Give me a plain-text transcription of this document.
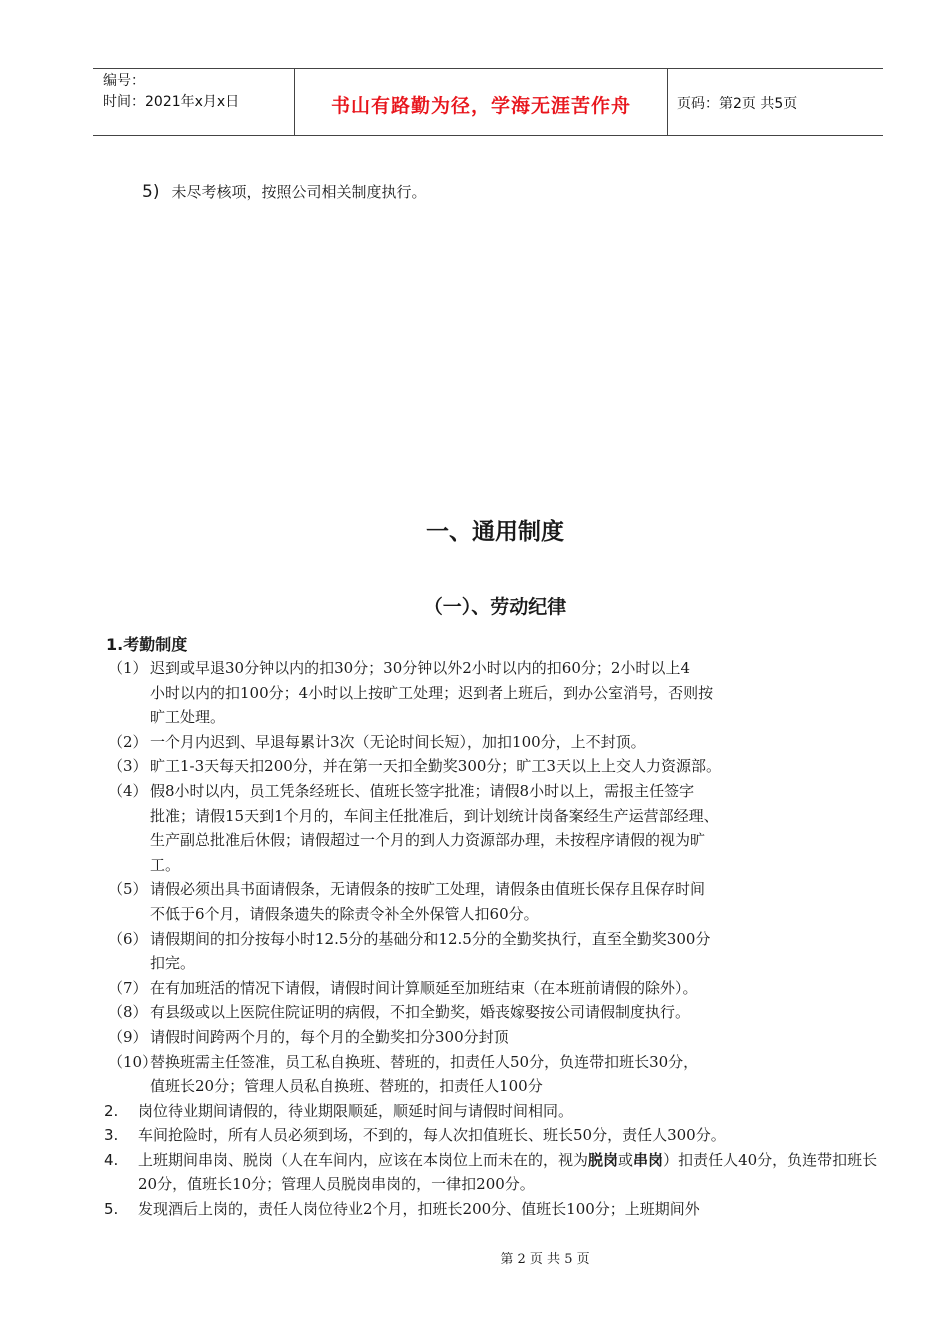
编号：
时间：2021年x月x日	书山有路勤为径，学海无涯苦作舟	页码：第2页 共5页
5) 未尽考核项，按照公司相关制度执行。
一、通用制度
（一）、劳动纪律
1.考勤制度
（1） 迟到或早退30分钟以内的扣30分；30分钟以外2小时以内的扣60分；2小时以上4
小时以内的扣100分；4小时以上按旷工处理；迟到者上班后，到办公室消号，否则按
旷工处理。
（2） 一个月内迟到、早退每累计3次（无论时间长短），加扣100分，上不封顶。
（3） 旷工1-3天每天扣200分，并在第一天扣全勤奖300分；旷工3天以上上交人力资源部。
（4） 假8小时以内，员工凭条经班长、值班长签字批准；请假8小时以上，需报主任签字
批准；请假15天到1个月的，车间主任批准后，到计划统计岗备案经生产运营部经理、
生产副总批准后休假；请假超过一个月的到人力资源部办理，未按程序请假的视为旷
工。
（5） 请假必须出具书面请假条，无请假条的按旷工处理，请假条由值班长保存且保存时间
不低于6个月，请假条遗失的除责令补全外保管人扣60分。
（6） 请假期间的扣分按每小时12.5分的基础分和12.5分的全勤奖执行，直至全勤奖300分
扣完。
（7） 在有加班活的情况下请假，请假时间计算顺延至加班结束（在本班前请假的除外）。
（8） 有县级或以上医院住院证明的病假，不扣全勤奖，婚丧嫁娶按公司请假制度执行。
（9） 请假时间跨两个月的，每个月的全勤奖扣分300分封顶
（10）
替换班需主任签准，员工私自换班、替班的，扣责任人50分，负连带扣班长30分，
值班长20分；管理人员私自换班、替班的，扣责任人100分
2. 岗位待业期间请假的，待业期限顺延，顺延时间与请假时间相同。
3. 车间抢险时，所有人员必须到场，不到的，每人次扣值班长、班长50分，责任人300分。
4. 上班期间串岗、脱岗（人在车间内，应该在本岗位上而未在的，视为脱岗或串岗）扣责任人40分，负连带扣班长20分，值班长10分；管理人员脱岗串岗的，一律扣200分。
5. 发现酒后上岗的，责任人岗位待业2个月，扣班长200分、值班长100分；上班期间外
第 2 页 共 5 页
